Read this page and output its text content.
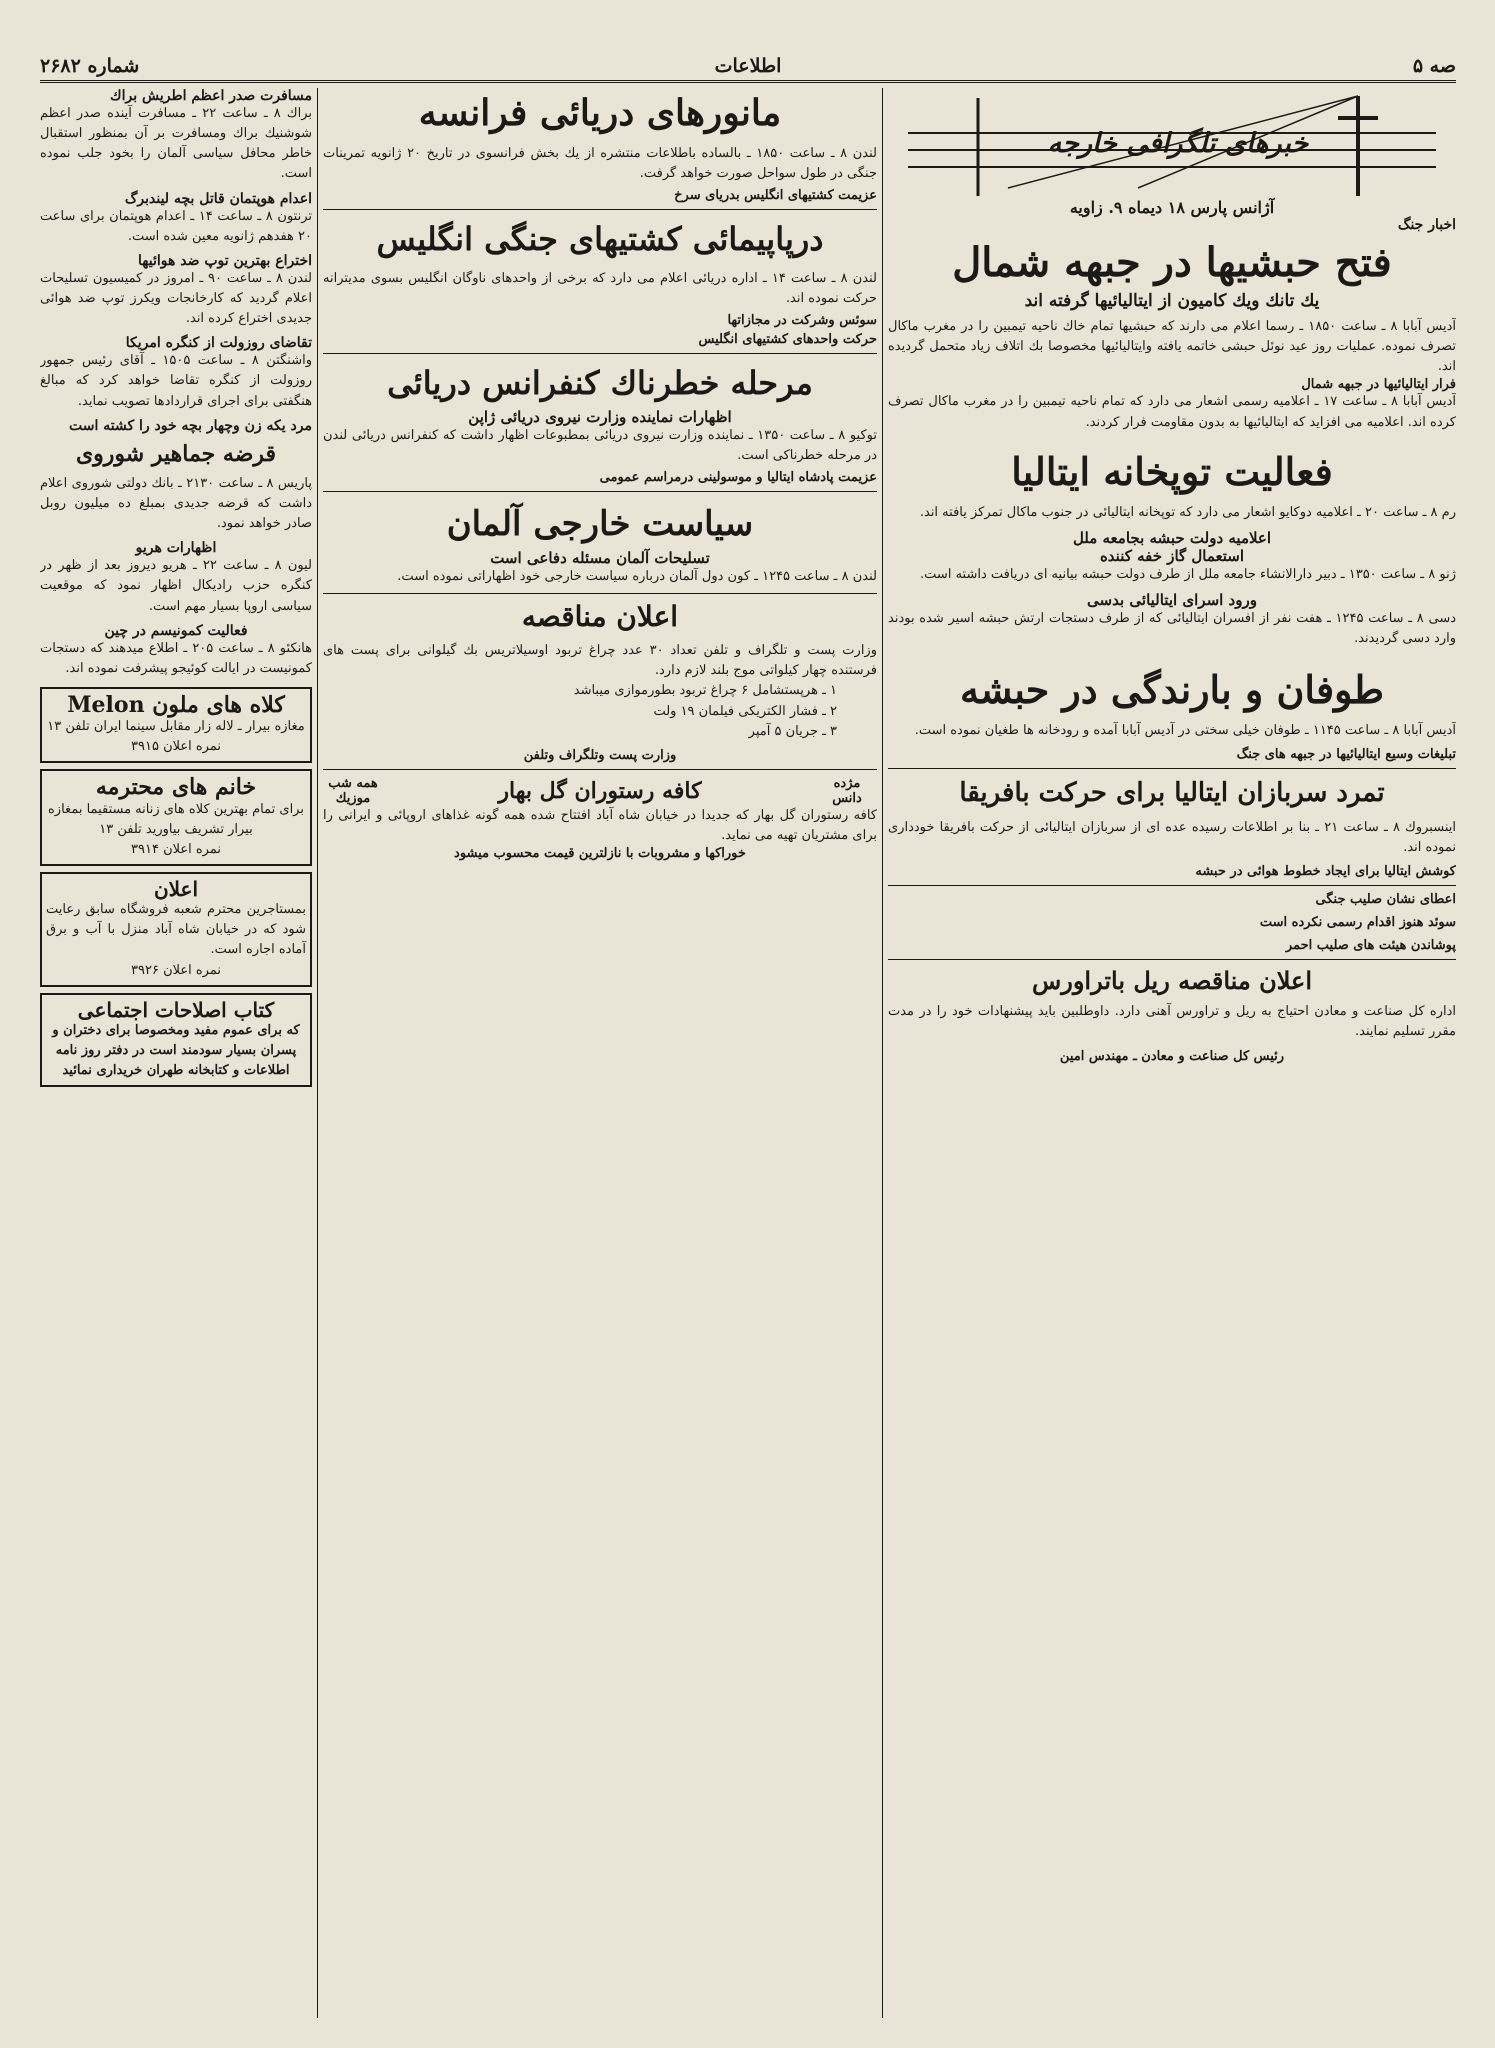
صه ۵
اطلاعات
شماره ۲۶۸۲
خبرهای تلگرافی خارجه
آژانس پارس ۱۸ دیماه ۹. زاویه
اخبار جنگ
فتح حبشیها در جبهه شمال
یك تانك ویك کامیون از ایتالیائیها گرفته اند

آدیس آبابا ۸ ـ ساعت ۱۸۵۰ ـ رسما اعلام می دارند که حبشیها تمام خاك ناحیه تیمبین را در مغرب ماکال تصرف نموده. عملیات روز عید نوئل حبشی خاتمه یافته وایتالیائیها مخصوصا بك اتلاف زیاد متحمل گردیده اند.

فرار ایتالیائیها در جبهه شمال

آدیس آبابا ۸ ـ ساعت ۱۷ ـ اعلامیه رسمی اشعار می دارد که تمام ناحیه تیمبین را در مغرب ماکال تصرف کرده اند. اعلامیه می افزاید که ایتالیائیها به بدون مقاومت فرار کردند.

فعالیت توپخانه ایتالیا

رم ۸ ـ ساعت ۲۰ ـ اعلامیه دوکایو اشعار می دارد که توپخانه ایتالیائی در جنوب ماکال تمرکز یافته اند.

اعلامیه دولت حبشه بجامعه ملل
استعمال گاز خفه کننده

ژنو ۸ ـ ساعت ۱۳۵۰ ـ دبیر دارالانشاء جامعه ملل از طرف دولت حبشه بیانیه ای دریافت داشته است.

ورود اسرای ایتالیائی بدسی

دسی ۸ ـ ساعت ۱۲۴۵ ـ هفت نفر از افسران ایتالیائی که از طرف دستجات ارتش حبشه اسیر شده بودند وارد دسی گردیدند.

طوفان و بارندگی در حبشه

آدیس آبابا ۸ ـ ساعت ۱۱۴۵ ـ طوفان خیلی سختی در آدیس آبابا آمده و رودخانه ها طغیان نموده است.

تبلیغات وسیع ایتالیائیها در جبهه های جنگ
تمرد سربازان ایتالیا برای حرکت بافریقا

اینسبروك ۸ ـ ساعت ۲۱ ـ بنا بر اطلاعات رسیده عده ای از سربازان ایتالیائی از حرکت بافریقا خودداری نموده اند.

کوشش ایتالیا برای ایجاد خطوط هوائی در حبشه
اعطای نشان صلیب جنگی
سوئد هنوز اقدام رسمی نکرده است
پوشاندن هیئت های صلیب احمر
اعلان مناقصه ریل باتراورس

اداره کل صناعت و معادن احتیاج به ریل و تراورس آهنی دارد. داوطلبین باید پیشنهادات خود را در مدت مقرر تسلیم نمایند.

رئیس کل صناعت و معادن ـ مهندس امین
مانورهای دریائی فرانسه

لندن ۸ ـ ساعت ۱۸۵۰ ـ بالساده باطلاعات منتشره از یك بخش فرانسوی در تاریخ ۲۰ ژانویه تمرینات جنگی در طول سواحل صورت خواهد گرفت.

عزیمت کشتیهای انگلیس بدریای سرخ
درپاپیمائی کشتیهای جنگی انگلیس

لندن ۸ ـ ساعت ۱۴ ـ اداره دریائی اعلام می دارد که برخی از واحدهای ناوگان انگلیس بسوی مدیترانه حرکت نموده اند.

سوئس وشرکت در مجازاتها
حرکت واحدهای کشتیهای انگلیس
مرحله خطرناك کنفرانس دریائی
اظهارات نماینده وزارت نیروی دریائی ژاپن

توکیو ۸ ـ ساعت ۱۳۵۰ ـ نماینده وزارت نیروی دریائی بمطبوعات اظهار داشت که کنفرانس دریائی لندن در مرحله خطرناکی است.

عزیمت پادشاه ایتالیا و موسولینی درمراسم عمومی
سیاست خارجی آلمان
تسلیحات آلمان مسئله دفاعی است

لندن ۸ ـ ساعت ۱۲۴۵ ـ کون دول آلمان درباره سیاست خارجی خود اظهاراتی نموده است.

اعلان مناقصه

وزارت پست و تلگراف و تلفن تعداد ۳۰ عدد چراغ تربود اوسیلاتریس بك گیلوانی برای پست های فرستنده چهار کیلواتی موج بلند لازم دارد.

۱ ـ هرپستشامل ۶ چراغ تربود بطورموازی میباشد
۲ ـ فشار الکتریکی فیلمان ۱۹ ولت
۳ ـ جریان ۵ آمپر
وزارت پست وتلگراف وتلفن
مژده دانس
کافه رستوران گل بهار
همه شب موزیك

کافه رستوران گل بهار که جدیدا در خیابان شاه آباد افتتاح شده همه گونه غذاهای اروپائی و ایرانی را برای مشتریان تهیه می نماید.

خوراکها و مشروبات با نازلترین قیمت محسوب میشود
مسافرت صدر اعظم اطریش براك

براك ۸ ـ ساعت ۲۲ ـ مسافرت آینده صدر اعظم شوشنیك براك ومسافرت بر آن بمنظور استقبال خاطر محافل سیاسی آلمان را بخود جلب نموده است.

اعدام هوپتمان قاتل بچه لیندبرگ

ترنتون ۸ ـ ساعت ۱۴ ـ اعدام هوپتمان برای ساعت ۲۰ هفدهم ژانویه معین شده است.

اختراع بهترین توپ ضد هوائیها

لندن ۸ ـ ساعت ۹۰ ـ امروز در کمیسیون تسلیحات اعلام گردید که کارخانجات ویکرز توپ ضد هوائی جدیدی اختراع کرده اند.

تقاضای روزولت از کنگره امریکا

واشنگتن ۸ ـ ساعت ۱۵۰۵ ـ آقای رئیس جمهور روزولت از کنگره تقاضا خواهد کرد که مبالغ هنگفتی برای اجرای قراردادها تصویب نماید.

مرد یکه زن وچهار بچه خود را کشته است
قرضه جماهیر شوروی

پاریس ۸ ـ ساعت ۲۱۳۰ ـ بانك دولتی شوروی اعلام داشت که قرضه جدیدی بمبلغ ده میلیون روبل صادر خواهد نمود.

اظهارات هریو

لیون ۸ ـ ساعت ۲۲ ـ هریو دیروز بعد از ظهر در کنگره حزب رادیکال اظهار نمود که موقعیت سیاسی اروپا بسیار مهم است.

فعالیت کمونیسم در چین

هانکئو ۸ ـ ساعت ۲۰۵ ـ اطلاع میدهند که دستجات کمونیست در ایالت کوئیجو پیشرفت نموده اند.

کلاه های ملون Melon
مغازه بیرار ـ لاله زار مقابل سینما ایران تلفن ۱۳
نمره اعلان ۳۹۱۵
خانم های محترمه
برای تمام بهترین کلاه های زنانه مستقیما بمغازه بیرار تشریف بیاورید تلفن ۱۳
نمره اعلان ۳۹۱۴
اعلان
بمستاجرین محترم شعبه فروشگاه سابق رعایت شود که در خیابان شاه آباد منزل با آب و برق آماده اجاره است.
نمره اعلان ۳۹۲۶
کتاب اصلاحات اجتماعی
که برای عموم مفید ومخصوصا برای دختران و پسران بسیار سودمند است در دفتر روز نامه اطلاعات و کتابخانه طهران خریداری نمائید
